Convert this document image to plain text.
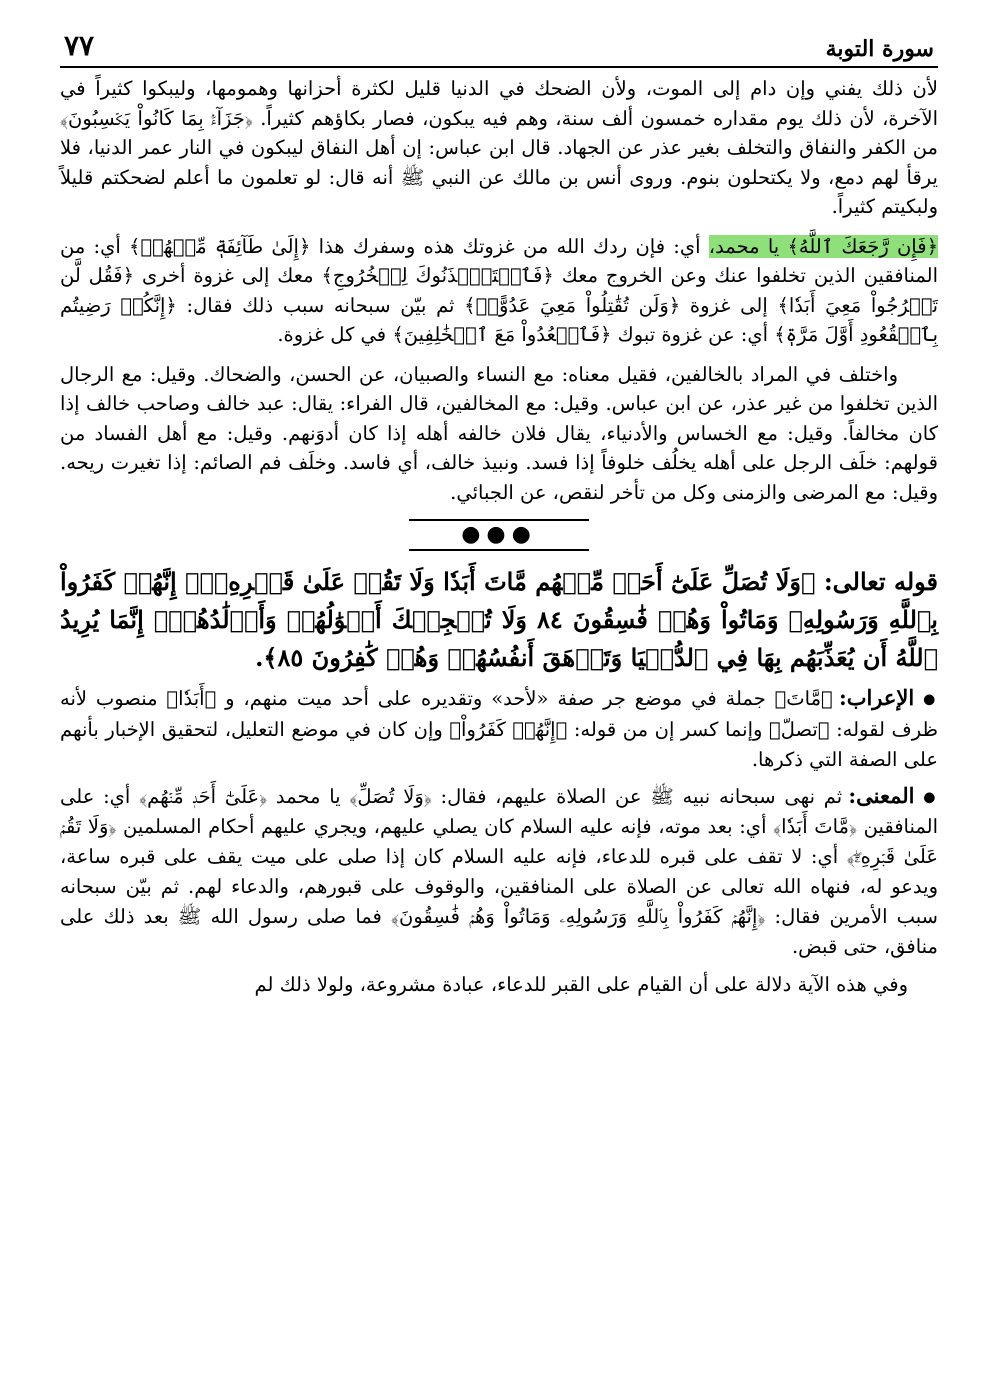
سورة التوبة
٧٧

لأن ذلك يفني وإن دام إلى الموت، ولأن الضحك في الدنيا قليل لكثرة أحزانها وهمومها، وليبكوا كثيراً في الآخرة، لأن ذلك يوم مقداره خمسون ألف سنة، وهم فيه يبكون، فصار بكاؤهم كثيراً. ﴿جَزَآءَۢ بِمَا كَانُواْ يَكۡسِبُونَ﴾ من الكفر والنفاق والتخلف بغير عذر عن الجهاد. قال ابن عباس: إن أهل النفاق ليبكون في النار عمر الدنيا، فلا يرقأ لهم دمع، ولا يكتحلون بنوم. وروى أنس بن مالك عن النبي ﷺ أنه قال: لو تعلمون ما أعلم لضحكتم قليلاً ولبكيتم كثيراً.

﴿فَإِن رَّجَعَكَ ٱللَّهُ﴾ يا محمد، أي: فإن ردك الله من غزوتك هذه وسفرك هذا ﴿إِلَىٰ طَآئِفَةٖ مِّنۡهُمۡ﴾ أي: من المنافقين الذين تخلفوا عنك وعن الخروج معك ﴿فَٱسۡتَـٔۡذَنُوكَ لِلۡخُرُوجِ﴾ معك إلى غزوة أخرى ﴿فَقُل لَّن تَخۡرُجُواْ مَعِيَ أَبَدٗا﴾ إلى غزوة ﴿وَلَن تُقَٰتِلُواْ مَعِيَ عَدُوًّاۖ﴾ ثم بيّن سبحانه سبب ذلك فقال: ﴿إِنَّكُمۡ رَضِيتُم بِٱلۡقُعُودِ أَوَّلَ مَرَّةٖ﴾ أي: عن غزوة تبوك ﴿فَٱقۡعُدُواْ مَعَ ٱلۡخَٰلِفِينَ﴾ في كل غزوة.

واختلف في المراد بالخالفين، فقيل معناه: مع النساء والصبيان، عن الحسن، والضحاك. وقيل: مع الرجال الذين تخلفوا من غير عذر، عن ابن عباس. وقيل: مع المخالفين، قال الفراء: يقال: عبد خالف وصاحب خالف إذا كان مخالفاً. وقيل: مع الخساس والأدنياء، يقال فلان خالفه أهله إذا كان أدوَنهم. وقيل: مع أهل الفساد من قولهم: خلَف الرجل على أهله يخلُف خلوفاً إذا فسد. ونبيذ خالف، أي فاسد. وخلَف فم الصائم: إذا تغيرت ريحه. وقيل: مع المرضى والزمنى وكل من تأخر لنقص، عن الجبائي.

●●●
قوله تعالى: ﴿وَلَا تُصَلِّ عَلَىٰٓ أَحَدٖ مِّنۡهُم مَّاتَ أَبَدٗا وَلَا تَقُمۡ عَلَىٰ قَبۡرِهِۦٓۖ إِنَّهُمۡ كَفَرُواْ بِٱللَّهِ وَرَسُولِهِۦ وَمَاتُواْ وَهُمۡ فَٰسِقُونَ ٨٤ وَلَا تُعۡجِبۡكَ أَمۡوَٰلُهُمۡ وَأَوۡلَٰدُهُمۡۚ إِنَّمَا يُرِيدُ ٱللَّهُ أَن يُعَذِّبَهُم بِهَا فِي ٱلدُّنۡيَا وَتَزۡهَقَ أَنفُسُهُمۡ وَهُمۡ كَٰفِرُونَ ٨٥﴾.

● الإعراب: ﴿مَّاتَ﴾ جملة في موضع جر صفة «لأحد» وتقديره على أحد ميت منهم، و ﴿أَبَدٗا﴾ منصوب لأنه ظرف لقوله: ﴿تصلّ﴾ وإنما كسر إن من قوله: ﴿إِنَّهُمۡ كَفَرُواْ﴾ وإن كان في موضع التعليل، لتحقيق الإخبار بأنهم على الصفة التي ذكرها.

● المعنى: ثم نهى سبحانه نبيه ﷺ عن الصلاة عليهم، فقال: ﴿وَلَا تُصَلِّ﴾ يا محمد ﴿عَلَىٰٓ أَحَدٖ مِّنۡهُم﴾ أي: على المنافقين ﴿مَّاتَ أَبَدٗا﴾ أي: بعد موته، فإنه عليه السلام كان يصلي عليهم، ويجري عليهم أحكام المسلمين ﴿وَلَا تَقُمۡ عَلَىٰ قَبۡرِهِۦٓۖ﴾ أي: لا تقف على قبره للدعاء، فإنه عليه السلام كان إذا صلى على ميت يقف على قبره ساعة، ويدعو له، فنهاه الله تعالى عن الصلاة على المنافقين، والوقوف على قبورهم، والدعاء لهم. ثم بيّن سبحانه سبب الأمرين فقال: ﴿إِنَّهُمۡ كَفَرُواْ بِٱللَّهِ وَرَسُولِهِۦ وَمَاتُواْ وَهُمۡ فَٰسِقُونَ﴾ فما صلى رسول الله ﷺ بعد ذلك على منافق، حتى قبض.

وفي هذه الآية دلالة على أن القيام على القبر للدعاء، عبادة مشروعة، ولولا ذلك لم
